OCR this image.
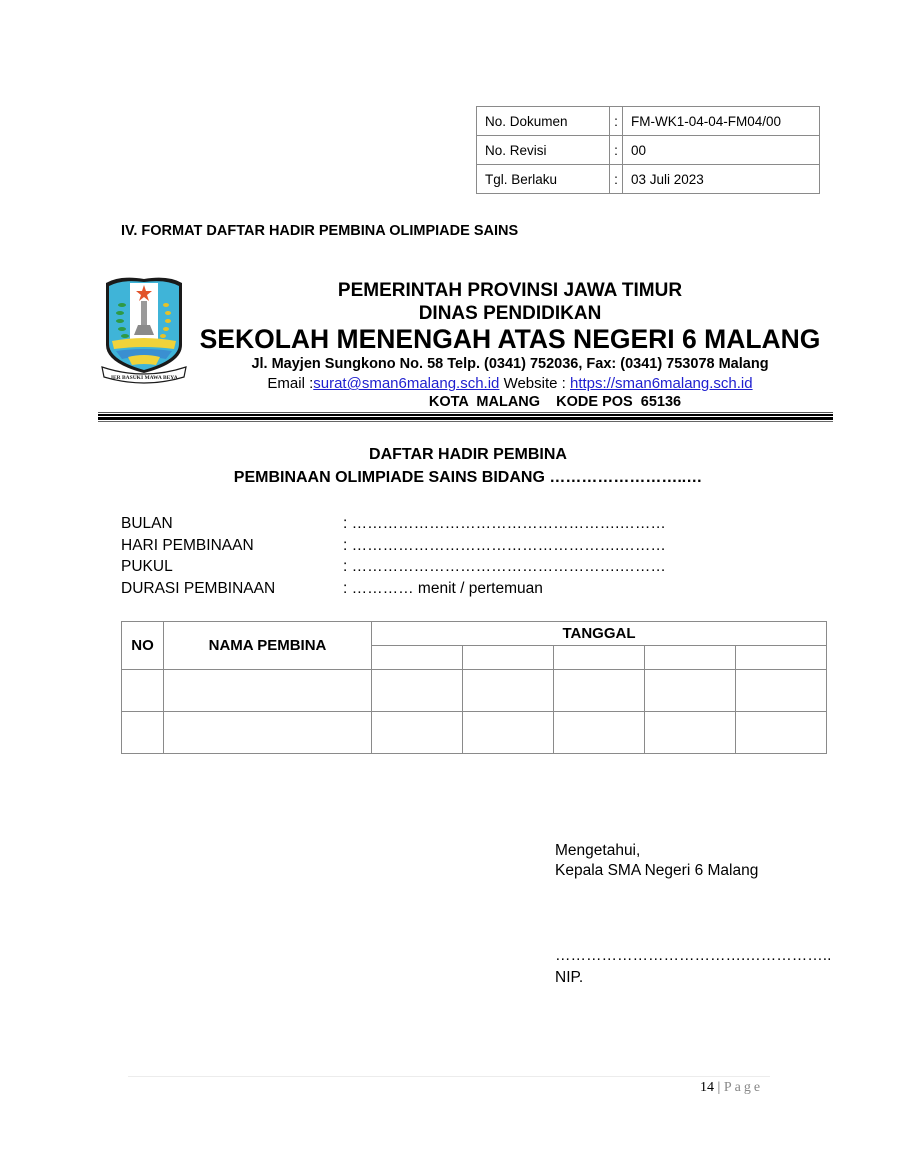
No. Dokumen	:	FM-WK1-04-04-FM04/00
No. Revisi	:	00
Tgl. Berlaku	:	03 Juli 2023
IV. FORMAT DAFTAR HADIR PEMBINA OLIMPIADE SAINS
JER BASUKI MAWA BEYA
PEMERINTAH PROVINSI JAWA TIMUR
DINAS PENDIDIKAN
SEKOLAH MENENGAH ATAS NEGERI 6 MALANG
Jl. Mayjen Sungkono No. 58 Telp. (0341) 752036, Fax: (0341) 753078 Malang
Email :surat@sman6malang.sch.id Website : https://sman6malang.sch.id
KOTA  MALANG    KODE POS  65136
DAFTAR HADIR PEMBINA
PEMBINAAN OLIMPIADE SAINS BIDANG ……………………..…
BULAN	: …………………………………………….………
HARI PEMBINAAN	: …………………………………………….………
PUKUL	: …………………………………………….………
DURASI PEMBINAAN	: ………… menit / pertemuan
NO	NAMA PEMBINA	TANGGAL				

Mengetahui,
Kepala SMA Negeri 6 Malang
……………………………….……………..
NIP.
14 | Page
